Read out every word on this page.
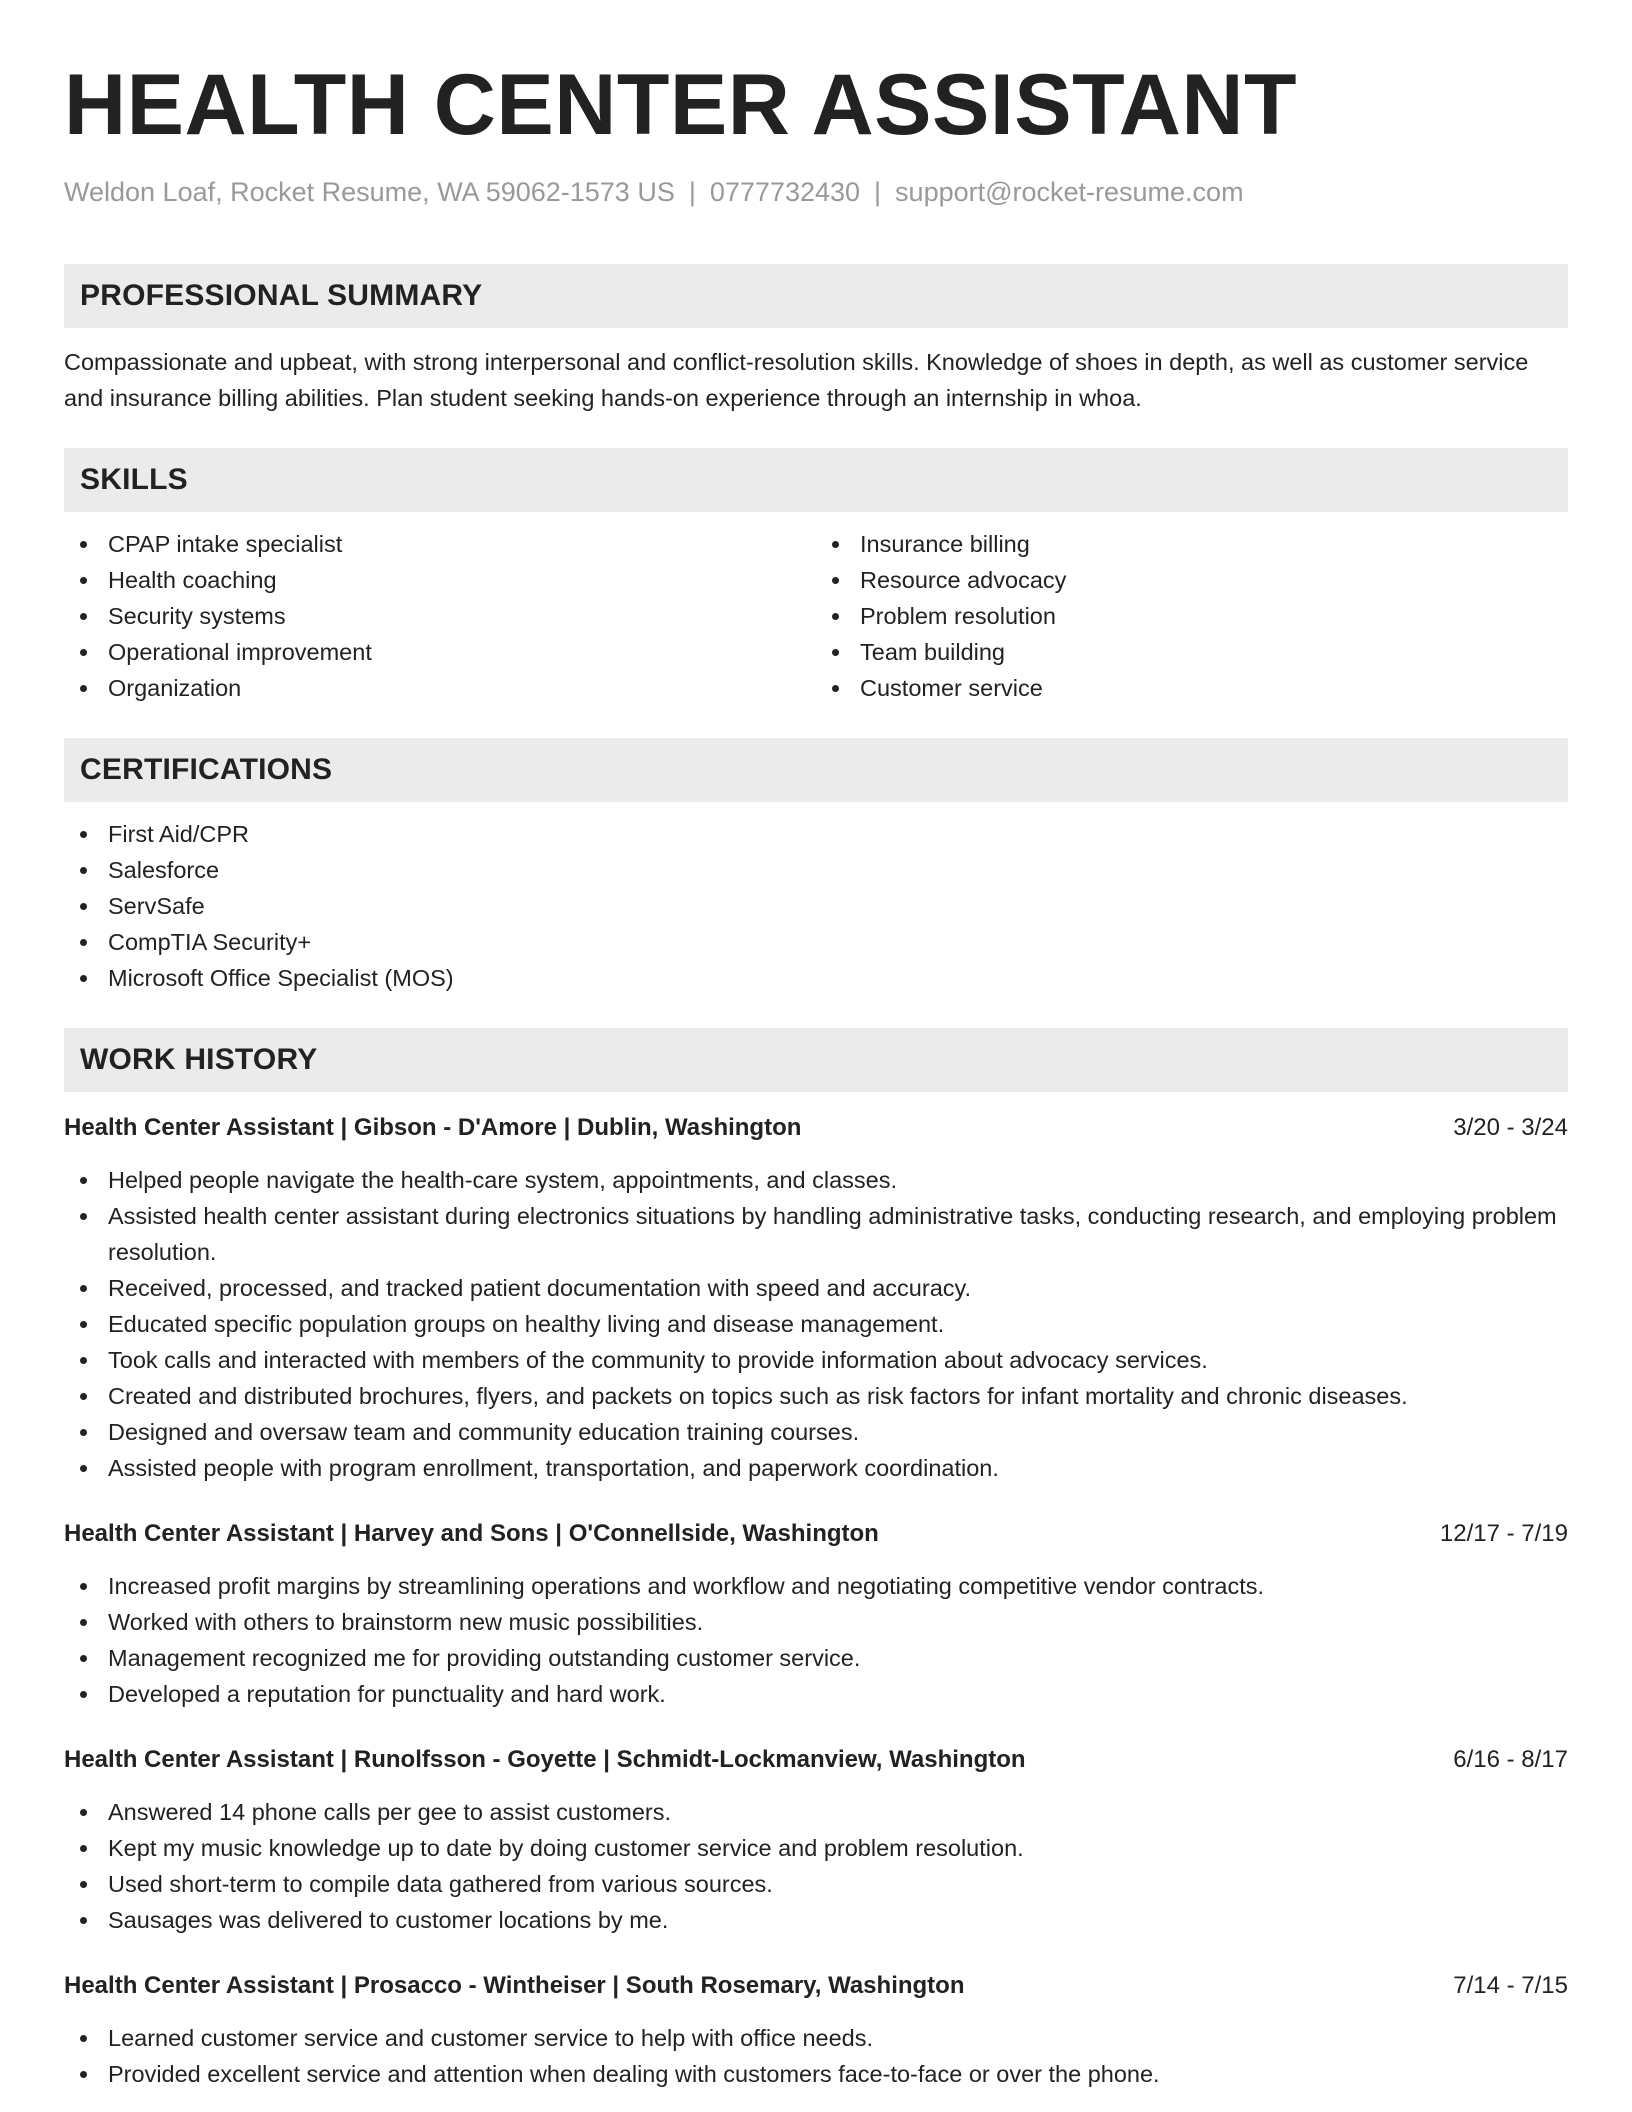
HEALTH CENTER ASSISTANT
Weldon Loaf, Rocket Resume, WA 59062-1573 US | 0777732430 | support@rocket-resume.com
PROFESSIONAL SUMMARY

Compassionate and upbeat, with strong interpersonal and conflict-resolution skills. Knowledge of shoes in depth, as well as customer service and insurance billing abilities. Plan student seeking hands-on experience through an internship in whoa.

SKILLS
CPAP intake specialist
Health coaching
Security systems
Operational improvement
Organization
Insurance billing
Resource advocacy
Problem resolution
Team building
Customer service
CERTIFICATIONS
First Aid/CPR
Salesforce
ServSafe
CompTIA Security+
Microsoft Office Specialist (MOS)
WORK HISTORY
Health Center Assistant | Gibson - D'Amore | Dublin, Washington	3/20 - 3/24
Helped people navigate the health-care system, appointments, and classes.
Assisted health center assistant during electronics situations by handling administrative tasks, conducting research, and employing problem resolution.
Received, processed, and tracked patient documentation with speed and accuracy.
Educated specific population groups on healthy living and disease management.
Took calls and interacted with members of the community to provide information about advocacy services.
Created and distributed brochures, flyers, and packets on topics such as risk factors for infant mortality and chronic diseases.
Designed and oversaw team and community education training courses.
Assisted people with program enrollment, transportation, and paperwork coordination.
Health Center Assistant | Harvey and Sons | O'Connellside, Washington	12/17 - 7/19
Increased profit margins by streamlining operations and workflow and negotiating competitive vendor contracts.
Worked with others to brainstorm new music possibilities.
Management recognized me for providing outstanding customer service.
Developed a reputation for punctuality and hard work.
Health Center Assistant | Runolfsson - Goyette | Schmidt-Lockmanview, Washington	6/16 - 8/17
Answered 14 phone calls per gee to assist customers.
Kept my music knowledge up to date by doing customer service and problem resolution.
Used short-term to compile data gathered from various sources.
Sausages was delivered to customer locations by me.
Health Center Assistant | Prosacco - Wintheiser | South Rosemary, Washington	7/14 - 7/15
Learned customer service and customer service to help with office needs.
Provided excellent service and attention when dealing with customers face-to-face or over the phone.
